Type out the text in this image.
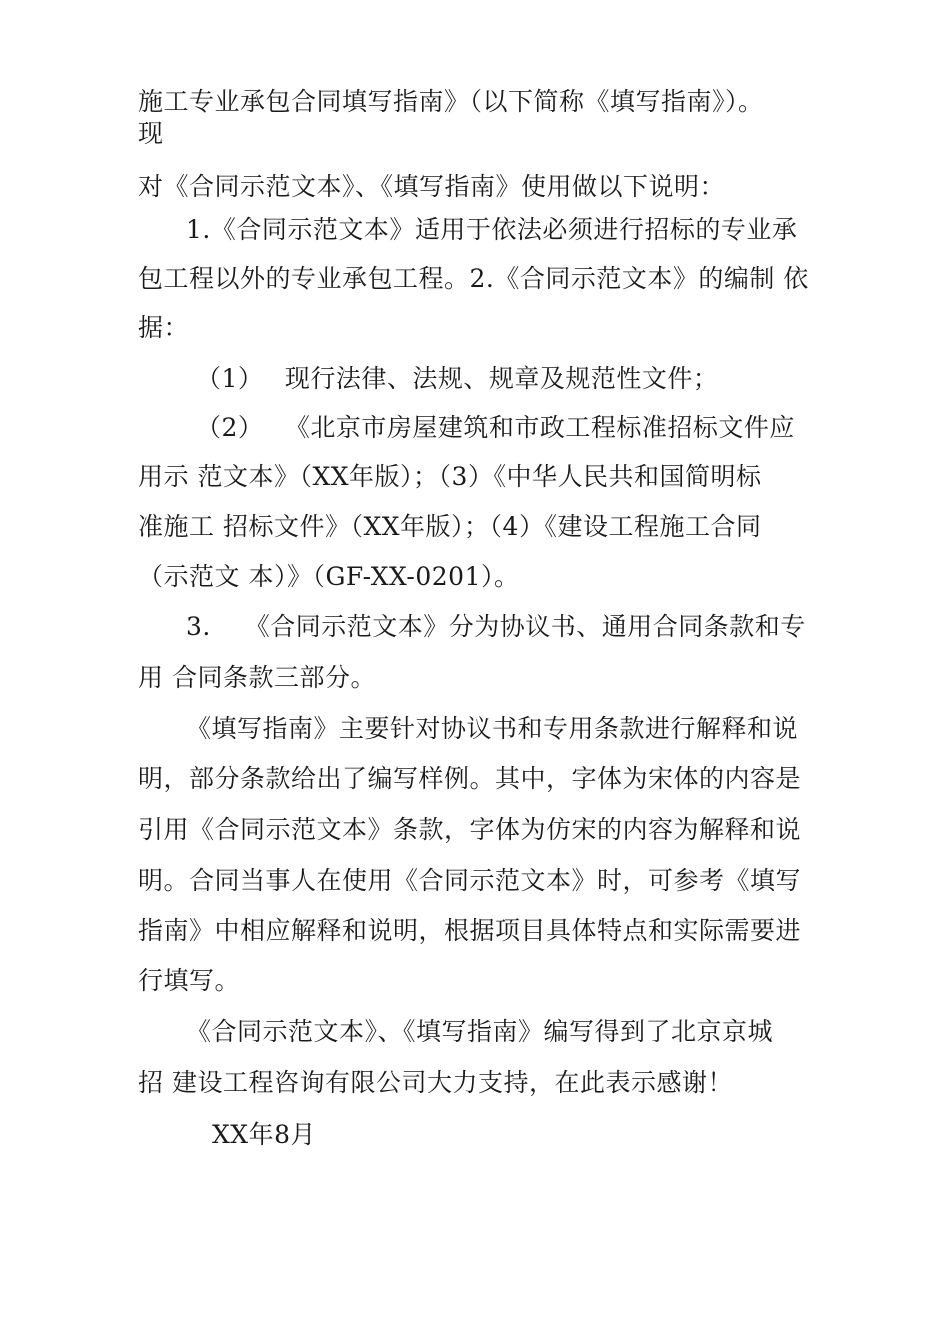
施工专业承包合同填写指南》（以下简称《填写指南》）。
现
对《合同示范文本》、《填写指南》使用做以下说明：
1.《合同示范文本》适用于依法必须进行招标的专业承
包工程以外的专业承包工程。2.《合同示范文本》的编制 依
据：
（1）　 现行法律、法规、规章及规范性文件；
（2）　 《北京市房屋建筑和市政工程标准招标文件应
用示 范文本》（XX年版）；（3）《中华人民共和国简明标
准施工 招标文件》（XX年版）；（4）《建设工程施工合同
（示范文 本）》（GF-XX-0201）。
3.　 《合同示范文本》分为协议书、通用合同条款和专
用 合同条款三部分。
《填写指南》主要针对协议书和专用条款进行解释和说
明，部分条款给出了编写样例。其中，字体为宋体的内容是
引用《合同示范文本》条款，字体为仿宋的内容为解释和说
明。合同当事人在使用《合同示范文本》时，可参考《填写
指南》中相应解释和说明，根据项目具体特点和实际需要进
行填写。
《合同示范文本》、《填写指南》编写得到了北京京城
招 建设工程咨询有限公司大力支持，在此表示感谢！
XX年8月
